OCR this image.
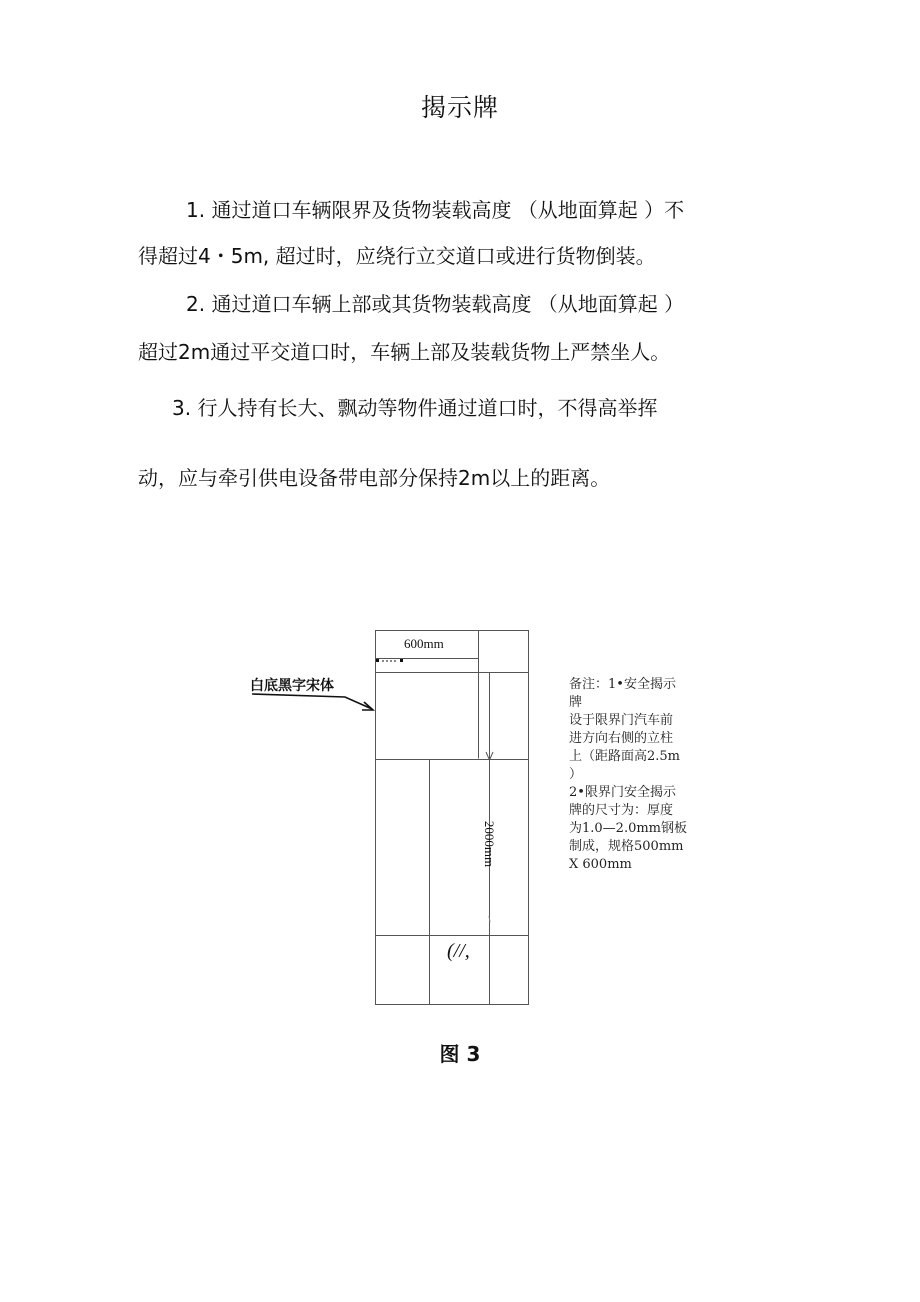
揭示牌
1. 通过道口车辆限界及货物装载高度 （从地面算起 ）不
得超过4・5m, 超过时，应绕行立交道口或进行货物倒装。
2. 通过道口车辆上部或其货物装载高度 （从地面算起 ）
超过2m通过平交道口时，车辆上部及装载货物上严禁坐人。
3. 行人持有长大、飘动等物件通过道口时，不得高举挥
动，应与牵引供电设备带电部分保持2m以上的距离。
600mm
白底黑字宋体
2000mm
(//,
备注：1•安全揭示
牌
设于限界门汽车前
进方向右侧的立柱
上（距路面高2.5m
）
2•限界门安全揭示
牌的尺寸为：厚度
为1.0—2.0mm钢板
制成，规格500mm
X 600mm
图 3
